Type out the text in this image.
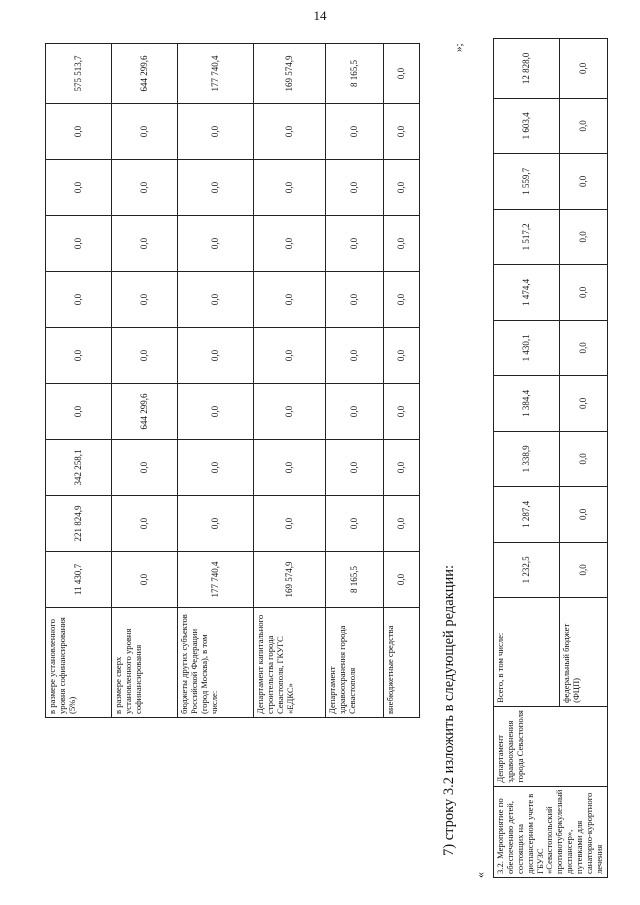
14
в размере установленного уровня софинансирования (5%)	11 430,7	221 824,9	342 258,1	0,0	0,0	0,0	0,0	0,0	0,0	575 513,7
в размере сверх установленного уровня софинансирования	0,0	0,0	0,0	644 299,6	0,0	0,0	0,0	0,0	0,0	644 299,6
бюджеты других субъектов Российской Федерации (город Москва), в том числе:	177 740,4	0,0	0,0	0,0	0,0	0,0	0,0	0,0	0,0	177 740,4
Департамент капитального строительства города Севастополя, ГКУГС «ЕДКС»	169 574,9	0,0	0,0	0,0	0,0	0,0	0,0	0,0	0,0	169 574,9
Департамент здравоохранения города Севастополя	8 165,5	0,0	0,0	0,0	0,0	0,0	0,0	0,0	0,0	8 165,5
внебюджетные средства	0,0	0,0	0,0	0,0	0,0	0,0	0,0	0,0	0,0	0,0
»;
«
7) строку 3.2 изложить в следующей редакции:	3.2. Мероприятие по обеспечению детей, состоящих на диспансерном учете в ГБУЗС «Севастопольский противотуберкулезный диспансер», путевками для санаторно-курортного лечения	Департамент здравоохранения города Севастополя	Всего, в том числе:	1 232,5	1 287,4	1 338,9	1 384,4	1 430,1	1 474,4	1 517,2	1 559,7	1 603,4	12 828,0
		федеральный бюджет (ФЦП)	0,0	0,0	0,0	0,0	0,0	0,0	0,0	0,0	0,0	0,0
